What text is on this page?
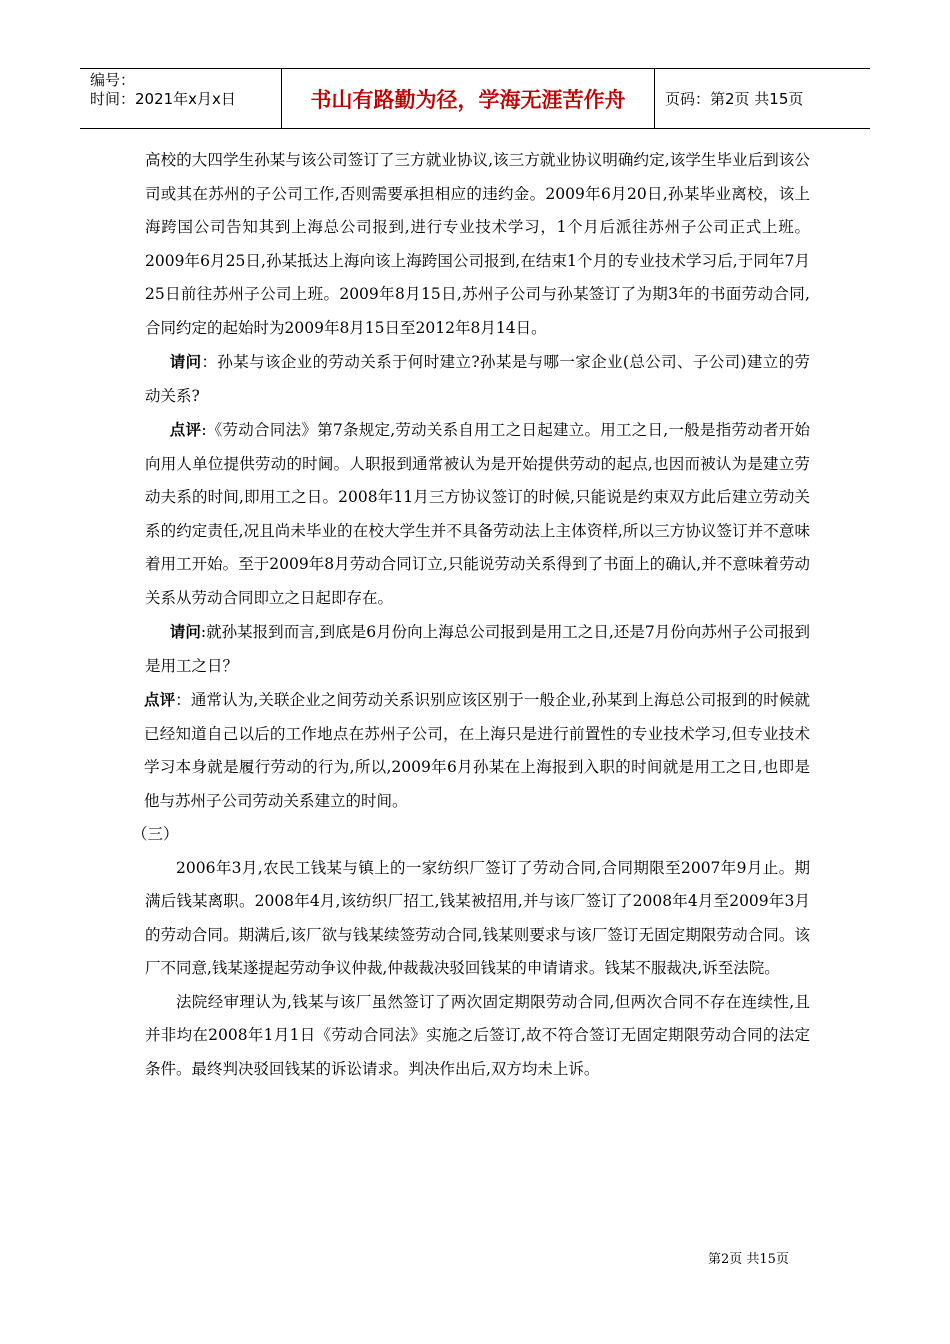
编号：
时间：2021年x月x日	书山有路勤为径，学海无涯苦作舟	页码：第2页 共15页

高校的大四学生孙某与该公司签订了三方就业协议,该三方就业协议明确约定,该学生毕业后到该公司或其在苏州的子公司工作,否则需要承担相应的违约金。2009年6月20日,孙某毕业离校，该上海跨国公司告知其到上海总公司报到,进行专业技术学习，1个月后派往苏州子公司正式上班。2009年6月25日,孙某抵达上海向该上海跨国公司报到,在结束1个月的专业技术学习后,于同年7月25日前往苏州子公司上班。2009年8月15日,苏州子公司与孙某签订了为期3年的书面劳动合同,合同约定的起始时为2009年8月15日至2012年8月14日。

请问：孙某与该企业的劳动关系于何时建立?孙某是与哪一家企业(总公司、子公司)建立的劳动关系?

点评:《劳动合同法》第7条规定,劳动关系自用工之日起建立。用工之日,一般是指劳动者开始向用人单位提供劳动的时阃。人职报到通常被认为是开始提供劳动的起点,也因而被认为是建立劳动夫系的时间,即用工之日。2008年11月三方协议签订的时候,只能说是约束双方此后建立劳动关系的约定责任,况且尚未毕业的在校大学生并不具备劳动法上主体资样,所以三方协议签订并不意味着用工开始。至于2009年8月劳动合同订立,只能说劳动关系得到了书面上的确认,并不意味着劳动关系从劳动合同即立之日起即存在。

请问:就孙某报到而言,到底是6月份向上海总公司报到是用工之日,还是7月份向苏州子公司报到是用工之日？

点评：通常认为,关联企业之间劳动关系识别应该区别于一般企业,孙某到上海总公司报到的时候就已经知道自己以后的工作地点在苏州子公司，在上海只是进行前置性的专业技术学习,但专业技术学习本身就是履行劳动的行为,所以,2009年6月孙某在上海报到入职的时间就是用工之日,也即是他与苏州子公司劳动关系建立的时间。

（三）

2006年3月,农民工钱某与镇上的一家纺织厂签订了劳动合同,合同期限至2007年9月止。期满后钱某离职。2008年4月,该纺织厂招工,钱某被招用,并与该厂签订了2008年4月至2009年3月的劳动合同。期满后,该厂欲与钱某续签劳动合同,钱某则要求与该厂签订无固定期限劳动合同。该厂不同意,钱某遂提起劳动争议仲裁,仲裁裁决驳回钱某的申请请求。钱某不服裁决,诉至法院。

法院经审理认为,钱某与该厂虽然签订了两次固定期限劳动合同,但两次合同不存在连续性,且并非均在2008年1月1日《劳动合同法》实施之后签订,故不符合签订无固定期限劳动合同的法定条件。最终判决驳回钱某的诉讼请求。判决作出后,双方均未上诉。

第2页 共15页
